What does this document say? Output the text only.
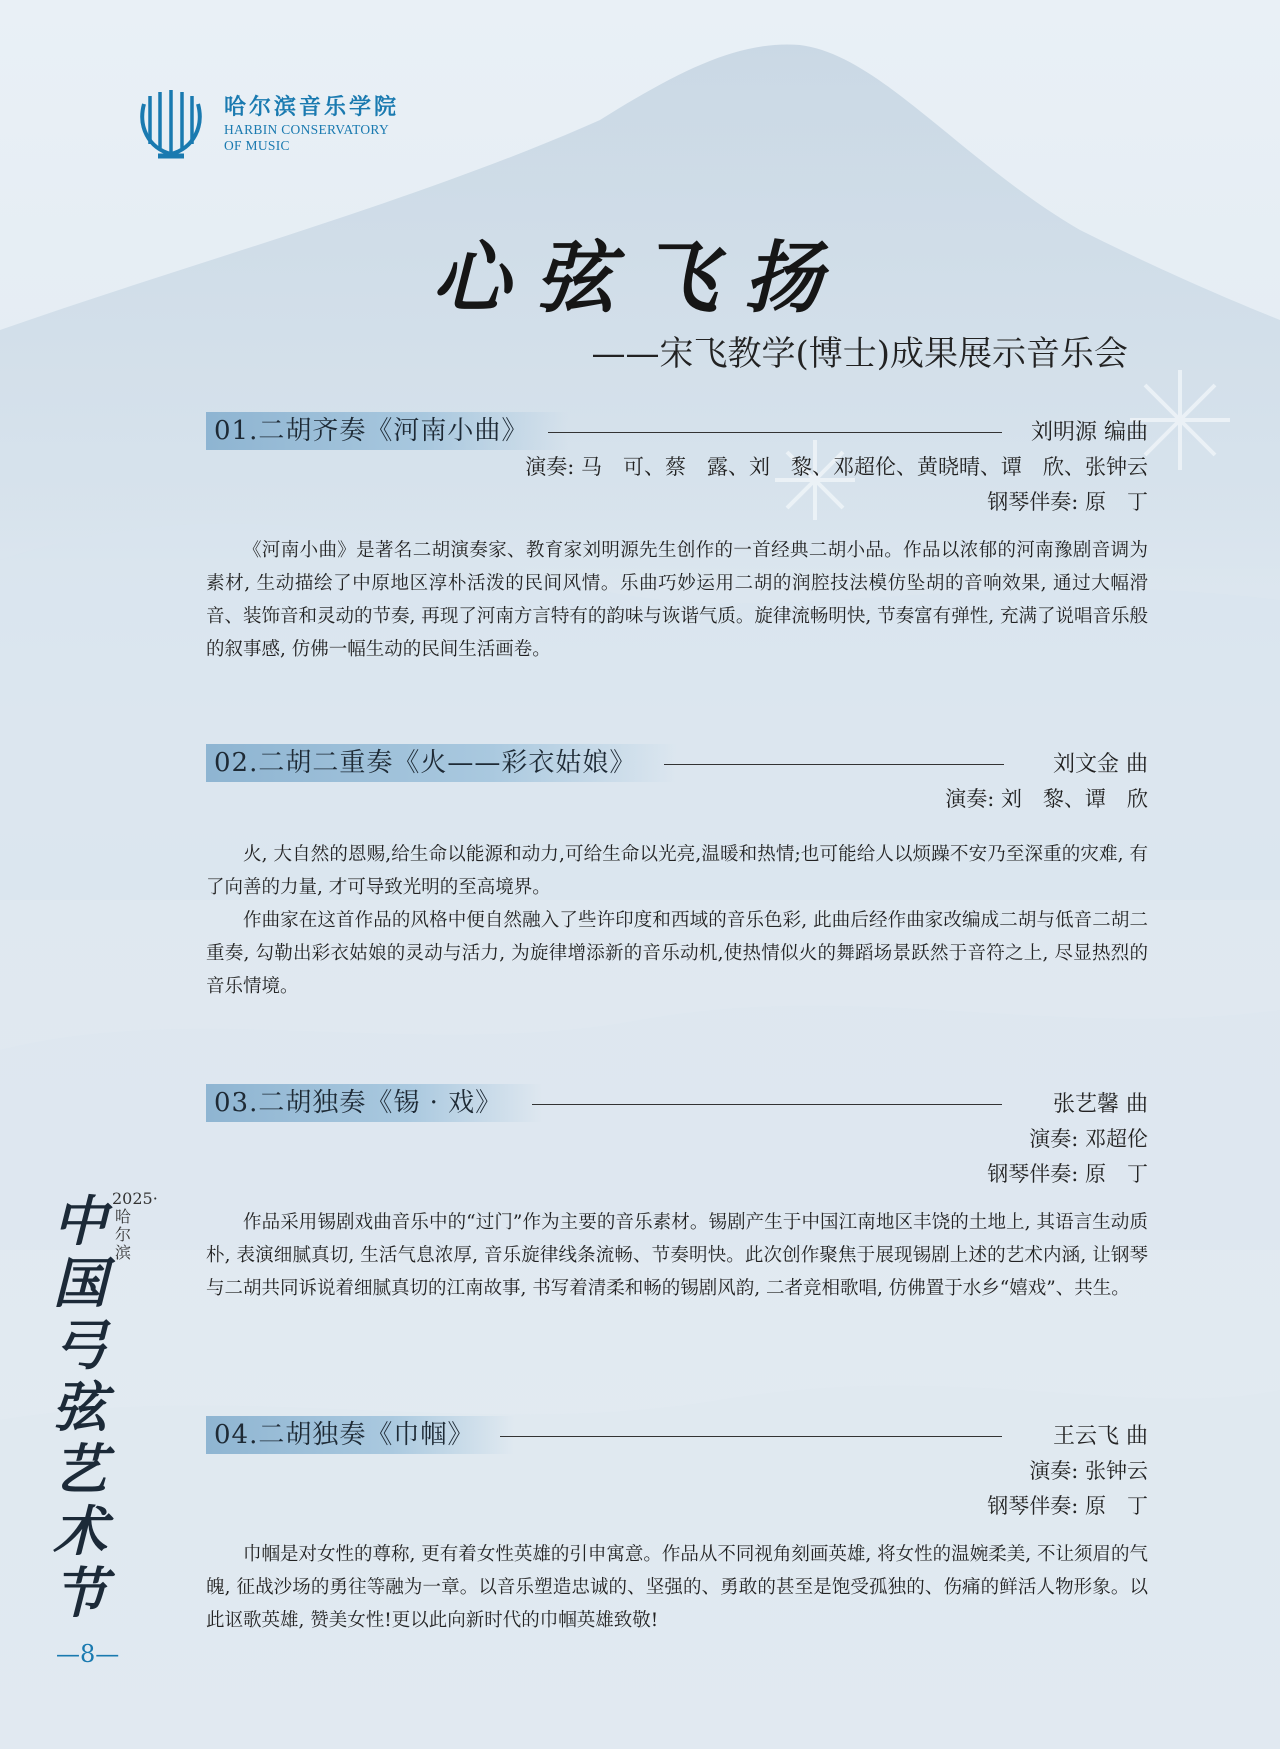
哈尔滨音乐学院
HARBIN CONSERVATORY
OF MUSIC
心弦飞扬
——宋飞教学(博士)成果展示音乐会
01.二胡齐奏《河南小曲》	刘明源 编曲
演奏: 马　可、蔡　露、刘　黎、邓超伦、黄晓晴、谭　欣、张钟云
钢琴伴奏: 原　丁

《河南小曲》是著名二胡演奏家、教育家刘明源先生创作的一首经典二胡小品。作品以浓郁的河南豫剧音调为素材, 生动描绘了中原地区淳朴活泼的民间风情。乐曲巧妙运用二胡的润腔技法模仿坠胡的音响效果, 通过大幅滑音、装饰音和灵动的节奏, 再现了河南方言特有的韵味与诙谐气质。旋律流畅明快, 节奏富有弹性, 充满了说唱音乐般的叙事感, 仿佛一幅生动的民间生活画卷。

02.二胡二重奏《火——彩衣姑娘》	刘文金 曲
演奏: 刘　黎、谭　欣

火, 大自然的恩赐,给生命以能源和动力,可给生命以光亮,温暖和热情;也可能给人以烦躁不安乃至深重的灾难, 有了向善的力量, 才可导致光明的至高境界。

作曲家在这首作品的风格中便自然融入了些许印度和西域的音乐色彩, 此曲后经作曲家改编成二胡与低音二胡二重奏, 勾勒出彩衣姑娘的灵动与活力, 为旋律增添新的音乐动机,使热情似火的舞蹈场景跃然于音符之上, 尽显热烈的音乐情境。

03.二胡独奏《锡 · 戏》	张艺馨 曲
演奏: 邓超伦
钢琴伴奏: 原　丁

作品采用锡剧戏曲音乐中的“过门”作为主要的音乐素材。锡剧产生于中国江南地区丰饶的土地上, 其语言生动质朴, 表演细腻真切, 生活气息浓厚, 音乐旋律线条流畅、节奏明快。此次创作聚焦于展现锡剧上述的艺术内涵, 让钢琴与二胡共同诉说着细腻真切的江南故事, 书写着清柔和畅的锡剧风韵, 二者竞相歌唱, 仿佛置于水乡“嬉戏”、共生。

04.二胡独奏《巾帼》	王云飞 曲
演奏: 张钟云
钢琴伴奏: 原　丁

巾帼是对女性的尊称, 更有着女性英雄的引申寓意。作品从不同视角刻画英雄, 将女性的温婉柔美, 不让须眉的气魄, 征战沙场的勇往等融为一章。以音乐塑造忠诚的、坚强的、勇敢的甚至是饱受孤独的、伤痛的鲜活人物形象。以此讴歌英雄, 赞美女性!更以此向新时代的巾帼英雄致敬!

2025·哈尔滨
中国弓弦艺术节
—8—
